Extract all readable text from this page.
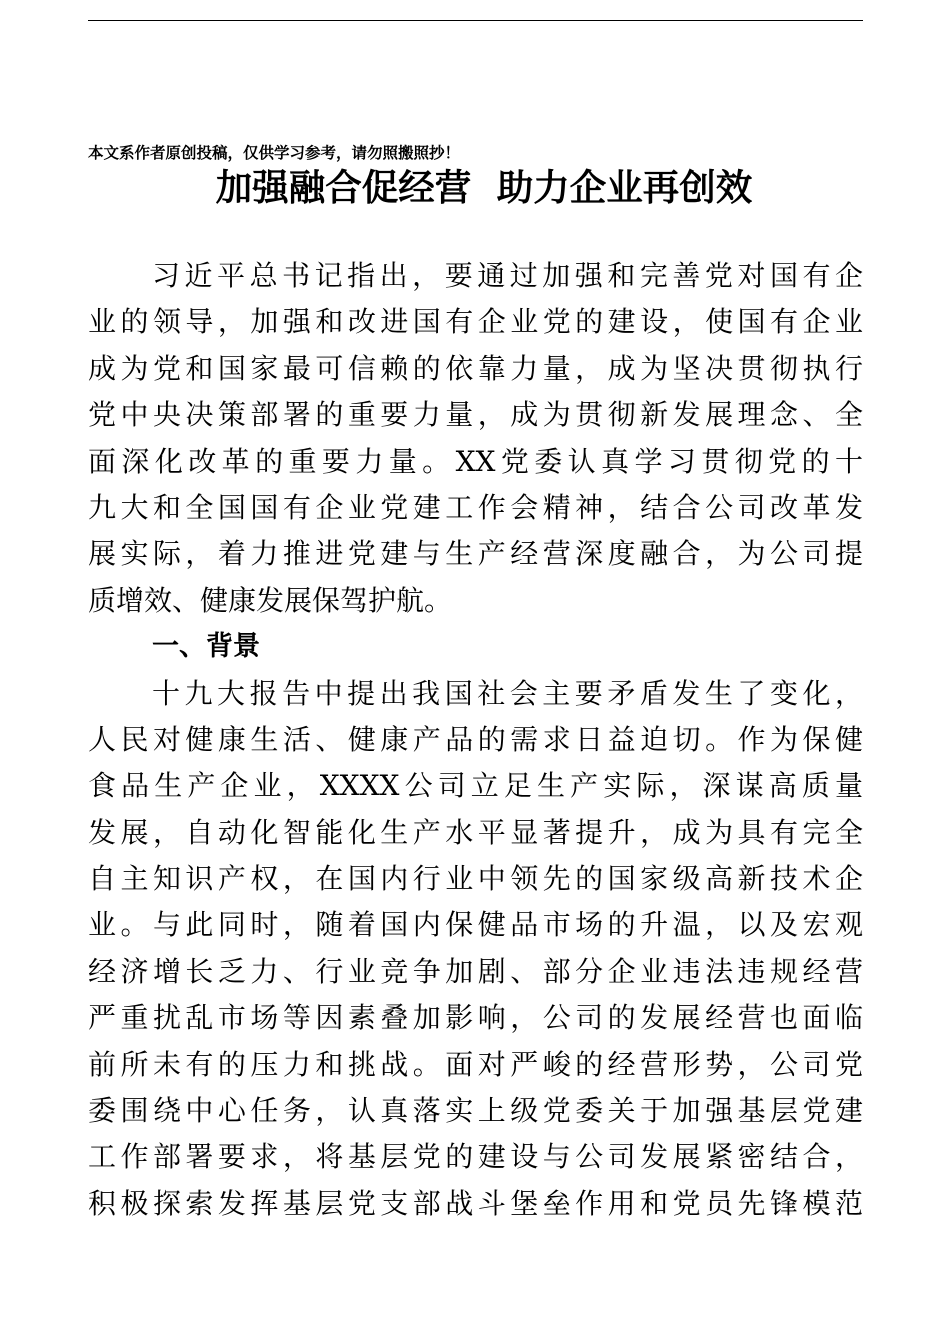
本文系作者原创投稿，仅供学习参考，请勿照搬照抄！
加强融合促经营  助力企业再创效
习近平总书记指出，要通过加强和完善党对国有企
业的领导，加强和改进国有企业党的建设，使国有企业
成为党和国家最可信赖的依靠力量，成为坚决贯彻执行
党中央决策部署的重要力量，成为贯彻新发展理念、全
面深化改革的重要力量。XX党委认真学习贯彻党的十
九大和全国国有企业党建工作会精神，结合公司改革发
展实际，着力推进党建与生产经营深度融合，为公司提
质增效、健康发展保驾护航。
一、背景
十九大报告中提出我国社会主要矛盾发生了变化，
人民对健康生活、健康产品的需求日益迫切。作为保健
食品生产企业，XXXX公司立足生产实际，深谋高质量
发展，自动化智能化生产水平显著提升，成为具有完全
自主知识产权，在国内行业中领先的国家级高新技术企
业。与此同时，随着国内保健品市场的升温，以及宏观
经济增长乏力、行业竞争加剧、部分企业违法违规经营
严重扰乱市场等因素叠加影响，公司的发展经营也面临
前所未有的压力和挑战。面对严峻的经营形势，公司党
委围绕中心任务，认真落实上级党委关于加强基层党建
工作部署要求，将基层党的建设与公司发展紧密结合，
积极探索发挥基层党支部战斗堡垒作用和党员先锋模范
